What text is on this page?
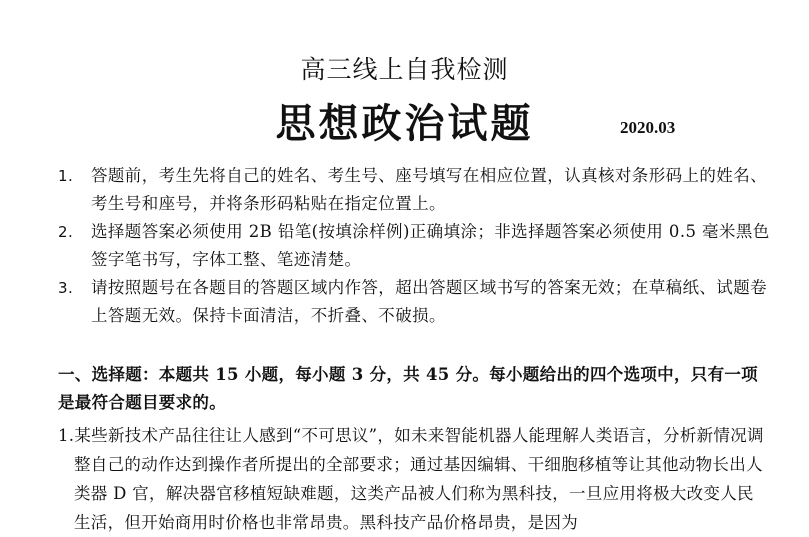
高三线上自我检测
思想政治试题	2020.03
1. 答题前，考生先将自己的姓名、考生号、座号填写在相应位置，认真核对条形码上的姓名、考生号和座号，并将条形码粘贴在指定位置上。
2. 选择题答案必须使用 2B 铅笔(按填涂样例)正确填涂；非选择题答案必须使用 0.5 毫米黑色签字笔书写，字体工整、笔迹清楚。
3. 请按照题号在各题目的答题区域内作答，超出答题区域书写的答案无效；在草稿纸、试题卷上答题无效。保持卡面清洁，不折叠、不破损。
一、选择题：本题共 15 小题，每小题 3 分，共 45 分。每小题给出的四个选项中，只有一项是最符合题目要求的。
1.某些新技术产品往往让人感到“不可思议”，如未来智能机器人能理解人类语言，分析新情况调整自己的动作达到操作者所提出的全部要求；通过基因编辑、干细胞移植等让其他动物长出人类器 D 官，解决器官移植短缺难题，这类产品被人们称为黑科技，一旦应用将极大改变人民生活，但开始商用时价格也非常昂贵。黑科技产品价格昂贵，是因为
